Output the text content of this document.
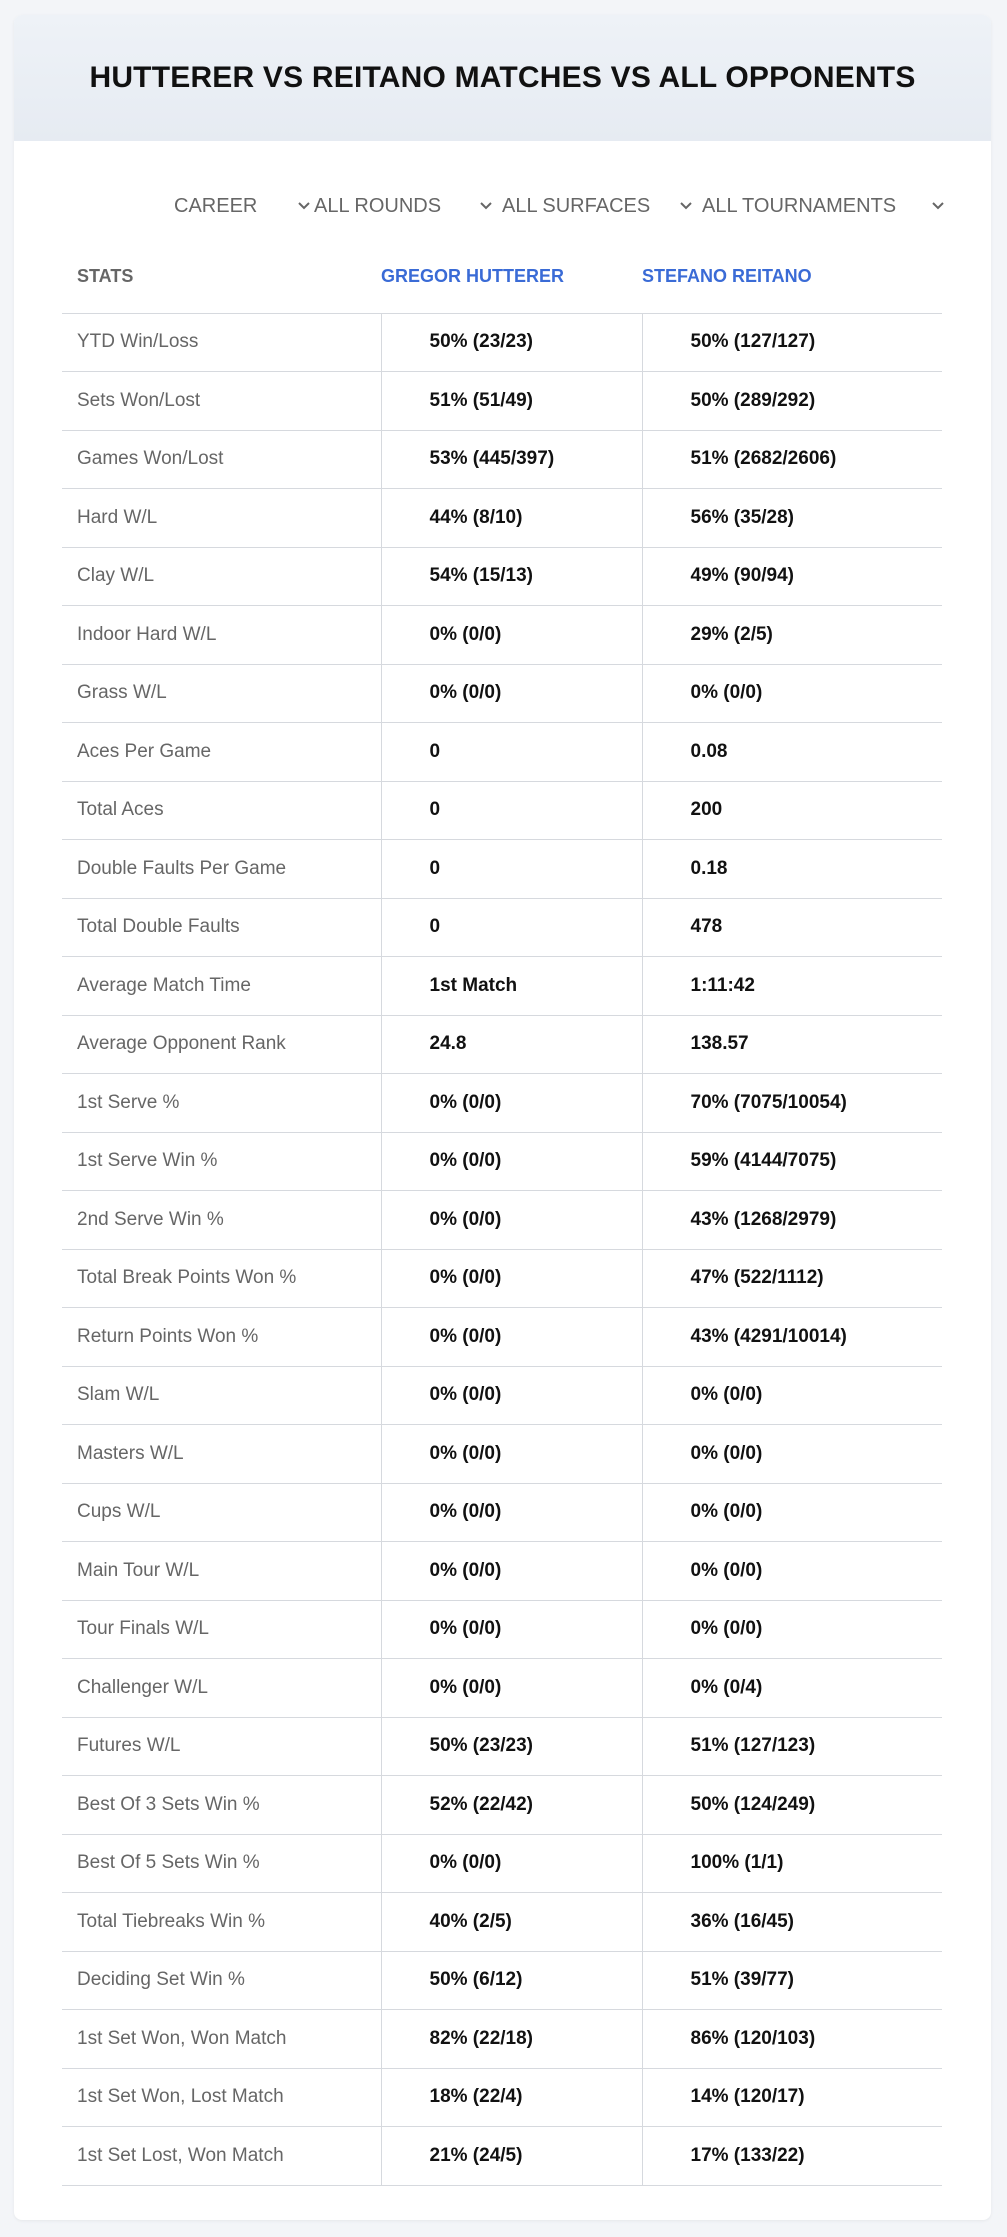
HUTTERER VS REITANO MATCHES VS ALL OPPONENTS
CAREER	ALL ROUNDS	ALL SURFACES	ALL TOURNAMENTS
STATS	GREGOR HUTTERER	STEFANO REITANO
YTD Win/Loss	50% (23/23)	50% (127/127)
Sets Won/Lost	51% (51/49)	50% (289/292)
Games Won/Lost	53% (445/397)	51% (2682/2606)
Hard W/L	44% (8/10)	56% (35/28)
Clay W/L	54% (15/13)	49% (90/94)
Indoor Hard W/L	0% (0/0)	29% (2/5)
Grass W/L	0% (0/0)	0% (0/0)
Aces Per Game	0	0.08
Total Aces	0	200
Double Faults Per Game	0	0.18
Total Double Faults	0	478
Average Match Time	1st Match	1:11:42
Average Opponent Rank	24.8	138.57
1st Serve %	0% (0/0)	70% (7075/10054)
1st Serve Win %	0% (0/0)	59% (4144/7075)
2nd Serve Win %	0% (0/0)	43% (1268/2979)
Total Break Points Won %	0% (0/0)	47% (522/1112)
Return Points Won %	0% (0/0)	43% (4291/10014)
Slam W/L	0% (0/0)	0% (0/0)
Masters W/L	0% (0/0)	0% (0/0)
Cups W/L	0% (0/0)	0% (0/0)
Main Tour W/L	0% (0/0)	0% (0/0)
Tour Finals W/L	0% (0/0)	0% (0/0)
Challenger W/L	0% (0/0)	0% (0/4)
Futures W/L	50% (23/23)	51% (127/123)
Best Of 3 Sets Win %	52% (22/42)	50% (124/249)
Best Of 5 Sets Win %	0% (0/0)	100% (1/1)
Total Tiebreaks Win %	40% (2/5)	36% (16/45)
Deciding Set Win %	50% (6/12)	51% (39/77)
1st Set Won, Won Match	82% (22/18)	86% (120/103)
1st Set Won, Lost Match	18% (22/4)	14% (120/17)
1st Set Lost, Won Match	21% (24/5)	17% (133/22)
